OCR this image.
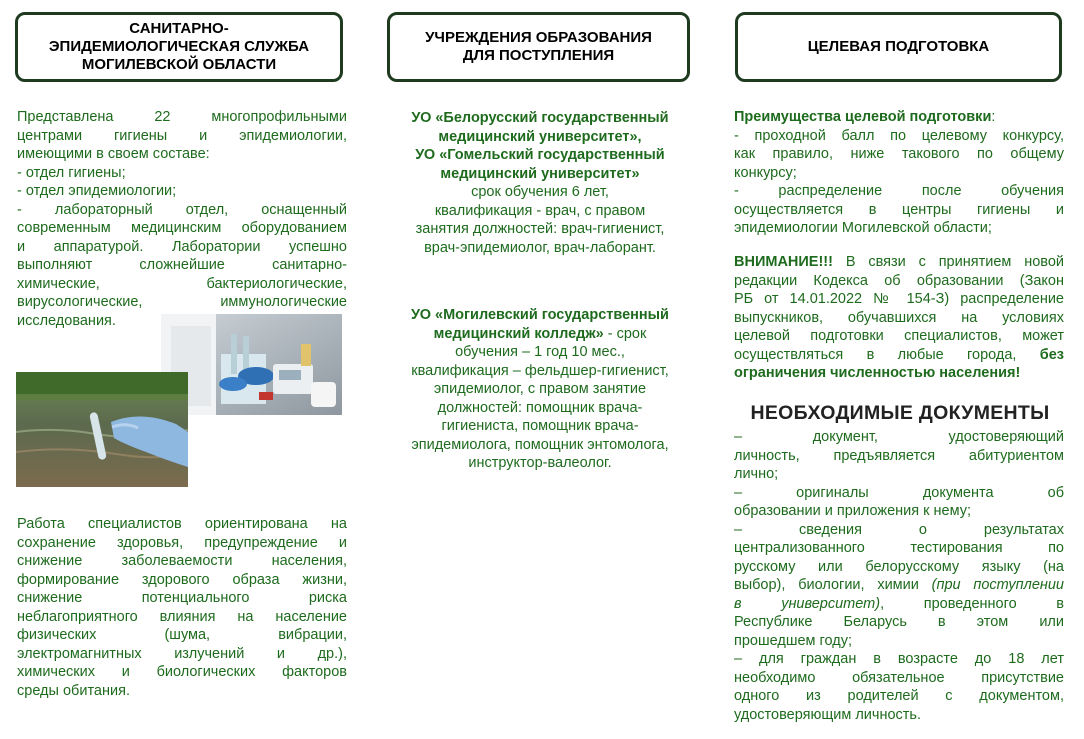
САНИТАРНО-
ЭПИДЕМИОЛОГИЧЕСКАЯ СЛУЖБА
МОГИЛЕВСКОЙ ОБЛАСТИ
УЧРЕЖДЕНИЯ ОБРАЗОВАНИЯ
ДЛЯ ПОСТУПЛЕНИЯ
ЦЕЛЕВАЯ ПОДГОТОВКА
Представлена 22 многопрофильными
центрами гигиены и эпидемиологии,
имеющими в своем составе:
- отдел гигиены;
- отдел эпидемиологии;
- лабораторный отдел, оснащенный
современным медицинским оборудованием
и аппаратурой. Лаборатории успешно
выполняют сложнейшие санитарно-
химические, бактериологические,
вирусологические, иммунологические
исследования.
Работа специалистов ориентирована на
сохранение здоровья, предупреждение и
снижение заболеваемости населения,
формирование здорового образа жизни,
снижение потенциального риска
неблагоприятного влияния на население
физических (шума, вибрации,
электромагнитных излучений и др.),
химических и биологических факторов
среды обитания.
УО «Белорусский государственный
медицинский университет»,
УО «Гомельский государственный
медицинский университет»
срок обучения 6 лет,
квалификация - врач, с правом
занятия должностей: врач-гигиенист,
врач-эпидемиолог, врач-лаборант.
УО «Могилевский государственный
медицинский колледж» - срок
обучения – 1 год 10 мес.,
квалификация – фельдшер-гигиенист,
эпидемиолог, с правом занятие
должностей: помощник врача-
гигиениста, помощник врача-
эпидемиолога, помощник энтомолога,
инструктор-валеолог.
Преимущества целевой подготовки:
- проходной балл по целевому конкурсу,
как правило, ниже такового по общему
конкурсу;
- распределение после обучения
осуществляется в центры гигиены и
эпидемиологии Могилевской области;
ВНИМАНИЕ!!! В связи с принятием новой
редакции Кодекса об образовании (Закон
РБ от 14.01.2022 № 154-З) распределение
выпускников, обучавшихся на условиях
целевой подготовки специалистов, может
осуществляться в любые города, без
ограничения численностью населения!
НЕОБХОДИМЫЕ ДОКУМЕНТЫ
– документ, удостоверяющий
личность, предъявляется абитуриентом
лично;
– оригиналы документа об
образовании и приложения к нему;
– сведения о результатах
централизованного тестирования по
русскому или белорусскому языку (на
выбор), биологии, химии (при поступлении
в университет), проведенного в
Республике Беларусь в этом или
прошедшем году;
– для граждан в возрасте до 18 лет
необходимо обязательное присутствие
одного из родителей с документом,
удостоверяющим личность.
